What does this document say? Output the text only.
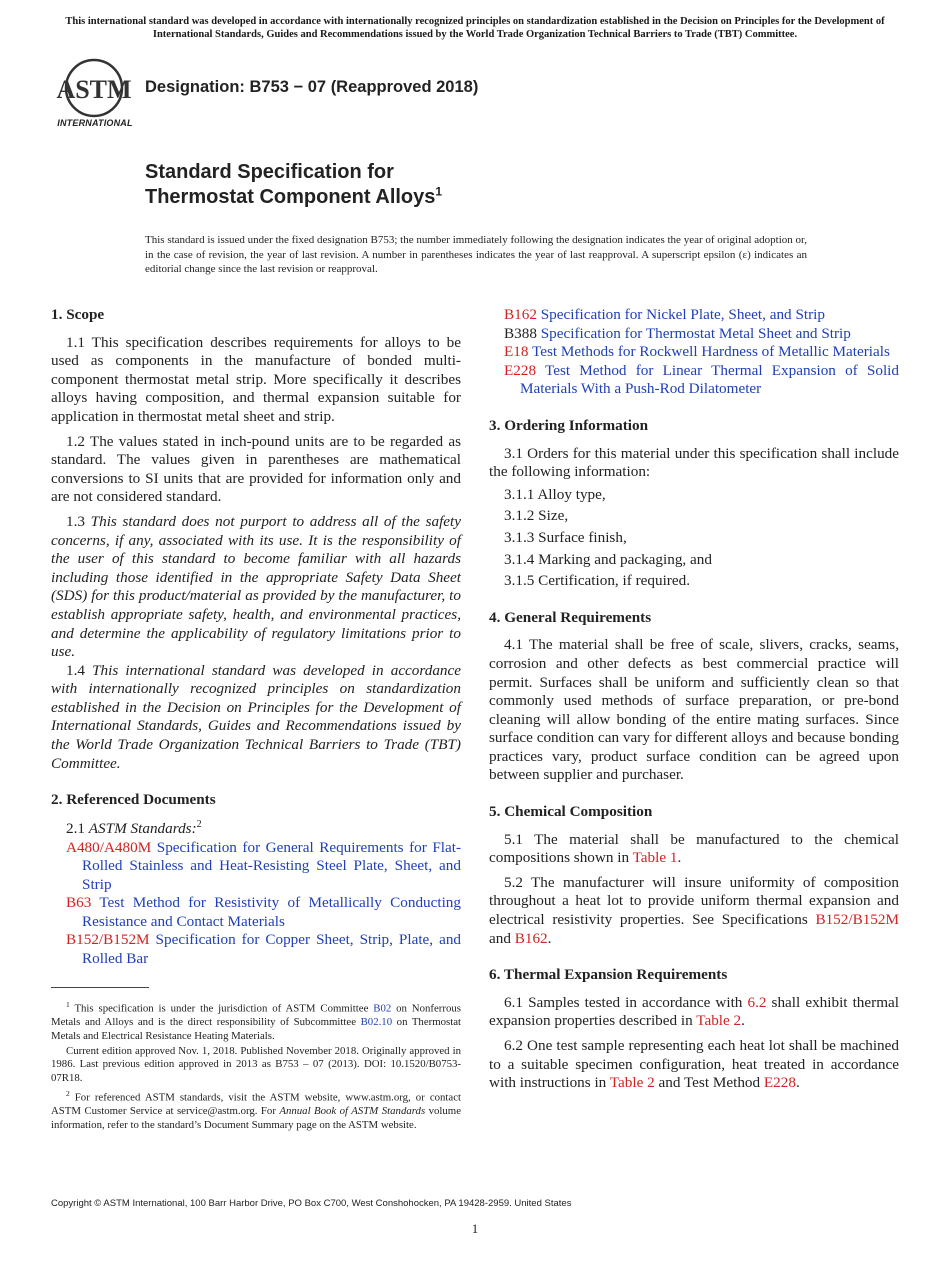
This international standard was developed in accordance with internationally recognized principles on standardization established in the Decision on Principles for the Development of International Standards, Guides and Recommendations issued by the World Trade Organization Technical Barriers to Trade (TBT) Committee.
ASTM
INTERNATIONAL
Designation: B753 − 07 (Reapproved 2018)
Standard Specification for
Thermostat Component Alloys$^1$
This standard is issued under the fixed designation B753; the number immediately following the designation indicates the year of original adoption or, in the case of revision, the year of last revision. A number in parentheses indicates the year of last reapproval. A superscript epsilon (ε) indicates an editorial change since the last revision or reapproval.
1. Scope

1.1 This specification describes requirements for alloys to be used as components in the manufacture of bonded multi-component thermostat metal strip. More specifically it describes alloys having composition, and thermal expansion suitable for application in thermostat metal sheet and strip.

1.2 The values stated in inch-pound units are to be regarded as standard. The values given in parentheses are mathematical conversions to SI units that are provided for information only and are not considered standard.

1.3 This standard does not purport to address all of the safety concerns, if any, associated with its use. It is the responsibility of the user of this standard to become familiar with all hazards including those identified in the appropriate Safety Data Sheet (SDS) for this product/material as provided by the manufacturer, to establish appropriate safety, health, and environmental practices, and determine the applicability of regulatory limitations prior to use.

1.4 This international standard was developed in accordance with internationally recognized principles on standardization established in the Decision on Principles for the Development of International Standards, Guides and Recommendations issued by the World Trade Organization Technical Barriers to Trade (TBT) Committee.

2. Referenced Documents

2.1 ASTM Standards:$^2$

A480/A480M Specification for General Requirements for Flat-Rolled Stainless and Heat-Resisting Steel Plate, Sheet, and Strip
B63 Test Method for Resistivity of Metallically Conducting Resistance and Contact Materials
B152/B152M Specification for Copper Sheet, Strip, Plate, and Rolled Bar

$^1$ This specification is under the jurisdiction of ASTM Committee B02 on Nonferrous Metals and Alloys and is the direct responsibility of Subcommittee B02.10 on Thermostat Metals and Electrical Resistance Heating Materials.

Current edition approved Nov. 1, 2018. Published November 2018. Originally approved in 1986. Last previous edition approved in 2013 as B753 – 07 (2013). DOI: 10.1520/B0753-07R18.

$^2$ For referenced ASTM standards, visit the ASTM website, www.astm.org, or contact ASTM Customer Service at service@astm.org. For Annual Book of ASTM Standards volume information, refer to the standard’s Document Summary page on the ASTM website.

B162 Specification for Nickel Plate, Sheet, and Strip
B388 Specification for Thermostat Metal Sheet and Strip
E18 Test Methods for Rockwell Hardness of Metallic Materials
E228 Test Method for Linear Thermal Expansion of Solid Materials With a Push-Rod Dilatometer
3. Ordering Information

3.1 Orders for this material under this specification shall include the following information:

3.1.1 Alloy type,
3.1.2 Size,
3.1.3 Surface finish,
3.1.4 Marking and packaging, and
3.1.5 Certification, if required.
4. General Requirements

4.1 The material shall be free of scale, slivers, cracks, seams, corrosion and other defects as best commercial practice will permit. Surfaces shall be uniform and sufficiently clean so that commonly used methods of surface preparation, or pre-bond cleaning will allow bonding of the entire mating surfaces. Since surface condition can vary for different alloys and because bonding practices vary, product surface condition can be agreed upon between supplier and purchaser.

5. Chemical Composition

5.1 The material shall be manufactured to the chemical compositions shown in Table 1.

5.2 The manufacturer will insure uniformity of composition throughout a heat lot to provide uniform thermal expansion and electrical resistivity properties. See Specifications B152/B152M and B162.

6. Thermal Expansion Requirements

6.1 Samples tested in accordance with 6.2 shall exhibit thermal expansion properties described in Table 2.

6.2 One test sample representing each heat lot shall be machined to a suitable specimen configuration, heat treated in accordance with instructions in Table 2 and Test Method E228.

Copyright © ASTM International, 100 Barr Harbor Drive, PO Box C700, West Conshohocken, PA 19428-2959. United States
1
